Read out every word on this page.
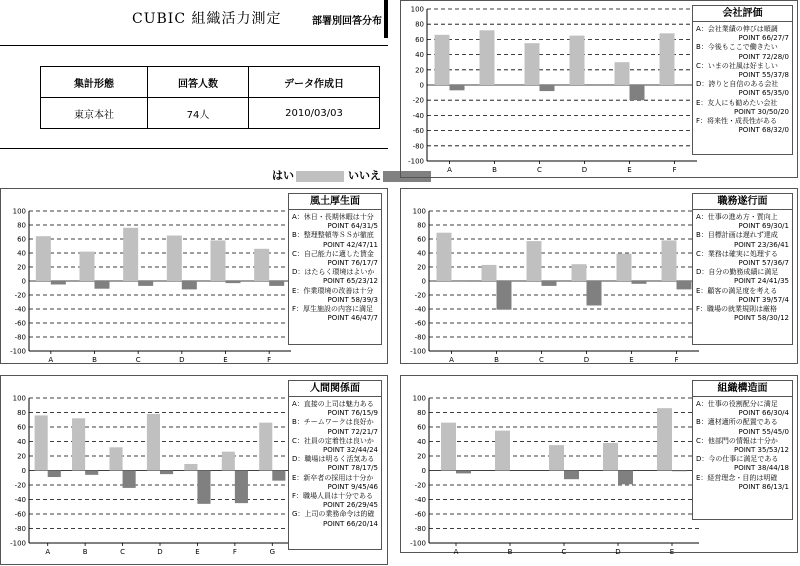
CUBIC 組織活力測定	部署別回答分布
集計形態	回答人数	データ作成日
東京本社	74人	2010/03/03
はい	いいえ
100
80
60
40
20
0
-20
-40
-60
-80
-100
A	B	C	D	E	F
会社評価
A：会社業績の伸びは順調
POINT 66/27/7
B：今後もここで働きたい
POINT 72/28/0
C：いまの社風は好ましい
POINT 55/37/8
D：誇りと自信のある会社
POINT 65/35/0
E：友人にも勧めたい会社
POINT 30/50/20
F：将来性・成長性がある
POINT 68/32/0
100
80
60
40
20
0
-20
-40
-60
-80
-100
A	B	C	D	E	F
風土厚生面
A：休日・長期休暇は十分
POINT 64/31/5
B：整理整頓等ＳＳが徹底
POINT 42/47/11
C：自己能力に適した賃金
POINT 76/17/7
D：はたらく環境はよいか
POINT 65/23/12
E：作業環境の改善は十分
POINT 58/39/3
F：厚生施設の内容に満足
POINT 46/47/7
100
80
60
40
20
0
-20
-40
-60
-80
-100
A	B	C	D	E	F
職務遂行面
A：仕事の進め方・質向上
POINT 69/30/1
B：目標計画は遅れず達成
POINT 23/36/41
C：業務は確実に処理する
POINT 57/36/7
D：自分の勤務成績に満足
POINT 24/41/35
E：顧客の満足度を考える
POINT 39/57/4
F：職場の就業規則は厳格
POINT 58/30/12
100
80
60
40
20
0
-20
-40
-60
-80
-100
A	B	C	D	E	F	G
人間関係面
A：直接の上司は魅力ある
POINT 76/15/9
B：チームワークは良好か
POINT 72/21/7
C：社員の定着性は良いか
POINT 32/44/24
D：職場は明るく活気ある
POINT 78/17/5
E：新卒者の採用は十分か
POINT 9/45/46
F：職場人員は十分である
POINT 26/29/45
G：上司の業務命令は的確
POINT 66/20/14
100
80
60
40
20
0
-20
-40
-60
-80
-100
A	B	C	D	E
組織構造面
A：仕事の役割配分に満足
POINT 66/30/4
B：適材適所の配置である
POINT 55/45/0
C：他部門の情報は十分か
POINT 35/53/12
D：今の仕事に満足である
POINT 38/44/18
E：経営理念・目的は明確
POINT 86/13/1
